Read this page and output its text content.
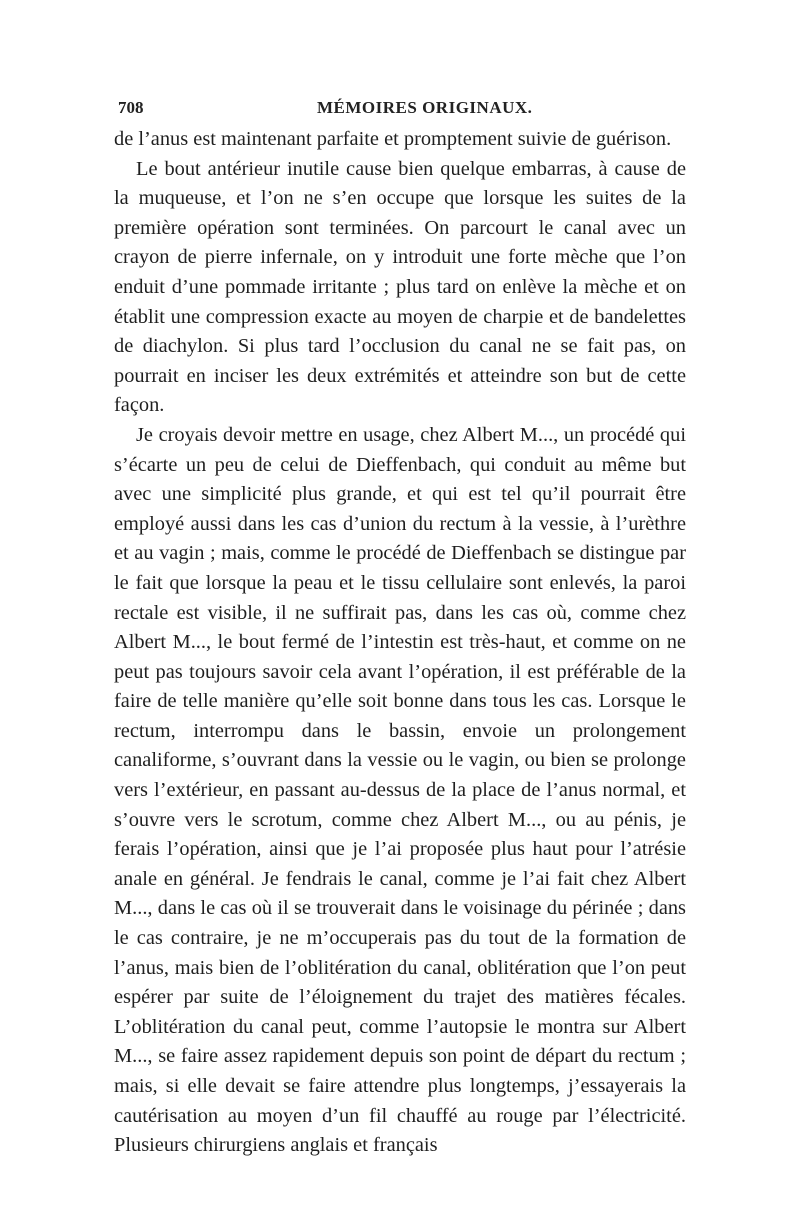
708	MÉMOIRES ORIGINAUX.

de l’anus est maintenant parfaite et promptement suivie de guérison.

Le bout antérieur inutile cause bien quelque embarras, à cause de la muqueuse, et l’on ne s’en occupe que lorsque les suites de la première opération sont terminées. On parcourt le canal avec un crayon de pierre infernale, on y introduit une forte mèche que l’on enduit d’une pommade irritante ; plus tard on enlève la mèche et on établit une compression exacte au moyen de charpie et de bandelettes de diachylon. Si plus tard l’occlusion du canal ne se fait pas, on pourrait en inciser les deux extrémités et atteindre son but de cette façon.

Je croyais devoir mettre en usage, chez Albert M..., un procédé qui s’écarte un peu de celui de Dieffenbach, qui conduit au même but avec une simplicité plus grande, et qui est tel qu’il pourrait être employé aussi dans les cas d’union du rectum à la vessie, à l’urèthre et au vagin ; mais, comme le procédé de Dieffenbach se distingue par le fait que lorsque la peau et le tissu cellulaire sont enlevés, la paroi rectale est visible, il ne suffirait pas, dans les cas où, comme chez Albert M..., le bout fermé de l’intestin est très-haut, et comme on ne peut pas toujours savoir cela avant l’opération, il est préférable de la faire de telle manière qu’elle soit bonne dans tous les cas. Lorsque le rectum, interrompu dans le bassin, envoie un prolongement canaliforme, s’ouvrant dans la vessie ou le vagin, ou bien se prolonge vers l’extérieur, en passant au-dessus de la place de l’anus normal, et s’ouvre vers le scrotum, comme chez Albert M..., ou au pénis, je ferais l’opération, ainsi que je l’ai proposée plus haut pour l’atrésie anale en général. Je fendrais le canal, comme je l’ai fait chez Albert M..., dans le cas où il se trouverait dans le voisinage du périnée ; dans le cas contraire, je ne m’occuperais pas du tout de la formation de l’anus, mais bien de l’oblitération du canal, oblitération que l’on peut espérer par suite de l’éloignement du trajet des matières fécales. L’oblitération du canal peut, comme l’autopsie le montra sur Albert M..., se faire assez rapidement depuis son point de départ du rectum ; mais, si elle devait se faire attendre plus longtemps, j’essayerais la cautérisation au moyen d’un fil chauffé au rouge par l’électricité. Plusieurs chirurgiens anglais et français
